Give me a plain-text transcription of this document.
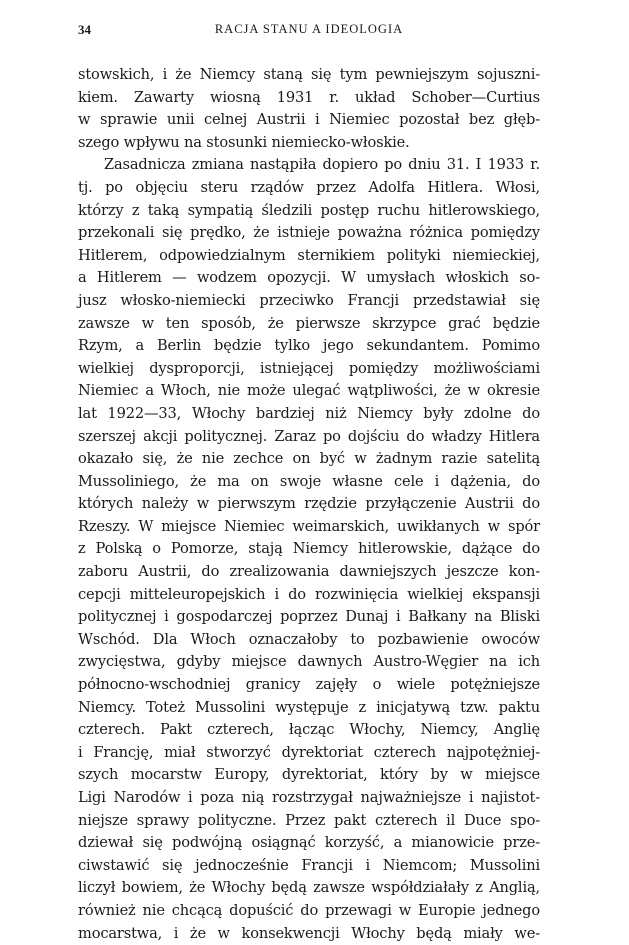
34	RACJA STANU A IDEOLOGIA
stowskich, i że Niemcy staną się tym pewniejszym sojuszni-
kiem. Zawarty wiosną 1931 r. układ Schober—Curtius
w sprawie unii celnej Austrii i Niemiec pozostał bez głęb-
szego wpływu na stosunki niemiecko-włoskie.
Zasadnicza zmiana nastąpiła dopiero po dniu 31. I 1933 r.
tj. po objęciu steru rządów przez Adolfa Hitlera. Włosi,
którzy z taką sympatią śledzili postęp ruchu hitlerowskiego,
przekonali się prędko, że istnieje poważna różnica pomiędzy
Hitlerem, odpowiedzialnym sternikiem polityki niemieckiej,
a Hitlerem — wodzem opozycji. W umysłach włoskich so-
jusz włosko-niemiecki przeciwko Francji przedstawiał się
zawsze w ten sposób, że pierwsze skrzypce grać będzie
Rzym, a Berlin będzie tylko jego sekundantem. Pomimo
wielkiej dysproporcji, istniejącej pomiędzy możliwościami
Niemiec a Włoch, nie może ulegać wątpliwości, że w okresie
lat 1922—33, Włochy bardziej niż Niemcy były zdolne do
szerszej akcji politycznej. Zaraz po dojściu do władzy Hitlera
okazało się, że nie zechce on być w żadnym razie satelitą
Mussoliniego, że ma on swoje własne cele i dążenia, do
których należy w pierwszym rzędzie przyłączenie Austrii do
Rzeszy. W miejsce Niemiec weimarskich, uwikłanych w spór
z Polską o Pomorze, stają Niemcy hitlerowskie, dążące do
zaboru Austrii, do zrealizowania dawniejszych jeszcze kon-
cepcji mitteleuropejskich i do rozwinięcia wielkiej ekspansji
politycznej i gospodarczej poprzez Dunaj i Bałkany na Bliski
Wschód. Dla Włoch oznaczałoby to pozbawienie owoców
zwycięstwa, gdyby miejsce dawnych Austro-Węgier na ich
północno-wschodniej granicy zajęły o wiele potężniejsze
Niemcy. Toteż Mussolini występuje z inicjatywą tzw. paktu
czterech. Pakt czterech, łącząc Włochy, Niemcy, Anglię
i Francję, miał stworzyć dyrektoriat czterech najpotężniej-
szych mocarstw Europy, dyrektoriat, który by w miejsce
Ligi Narodów i poza nią rozstrzygał najważniejsze i najistot-
niejsze sprawy polityczne. Przez pakt czterech il Duce spo-
dziewał się podwójną osiągnąć korzyść, a mianowicie prze-
ciwstawić się jednocześnie Francji i Niemcom; Mussolini
liczył bowiem, że Włochy będą zawsze współdziałały z Anglią,
również nie chcącą dopuścić do przewagi w Europie jednego
mocarstwa, i że w konsekwencji Włochy będą miały we-
